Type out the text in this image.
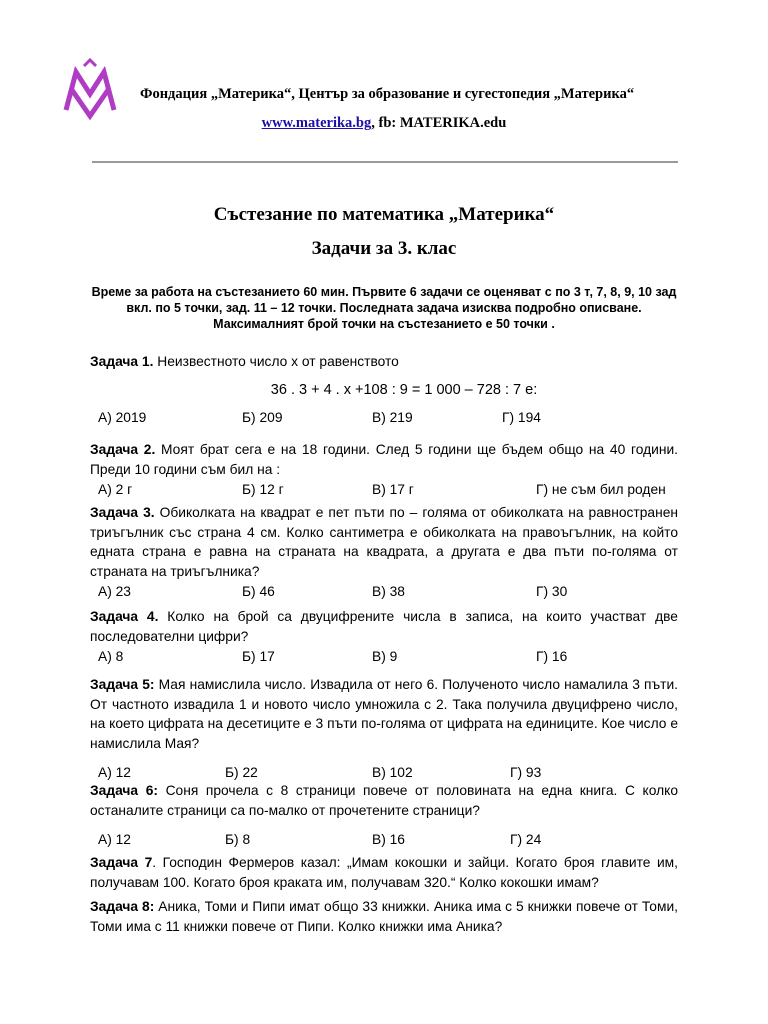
Фондация „Материка“, Център за образование и сугестопедия „Материка“
www.materika.bg, fb: MATERIKA.edu
Състезание по математика „Материка“
Задачи за 3. клас
Време за работа на състезанието 60 мин. Първите 6 задачи се оценяват с по 3 т, 7, 8, 9, 10 зад
вкл. по 5 точки, зад. 11 – 12 точки. Последната задача изисква подробно описване.
Максималният брой точки на състезанието е 50 точки .
Задача 1. Неизвестното число x от равенството
36 . 3 + 4 . x +108 : 9 = 1 000 – 728 : 7 е:
А) 2019	Б) 209	В) 219	Г) 194
Задача 2. Моят брат сега е на 18 години. След 5 години ще бъдем общо на 40 години. Преди 10 години съм бил на :
А) 2 г	Б) 12 г	В) 17 г	Г) не съм бил роден
Задача 3. Обиколката на квадрат е пет пъти по – голяма от обиколката на равностранен триъгълник със страна 4 см. Колко сантиметра е обиколката на правоъгълник, на който едната страна е равна на страната на квадрата, а другата е два пъти по-голяма от страната на триъгълника?
А) 23	Б) 46	В) 38	Г) 30
Задача 4. Колко на брой са двуцифрените числа в записа, на които участват две последователни цифри?
А) 8	Б) 17	В) 9	Г) 16
Задача 5: Мая намислила число. Извадила от него 6. Полученото число намалила 3 пъти. От частното извадила 1 и новото число умножила с 2. Така получила двуцифрено число, на което цифрата на десетиците е 3 пъти по-голяма от цифрата на единиците. Кое число е намислила Мая?
А) 12	Б) 22	В) 102	Г) 93
Задача 6: Соня прочела с 8 страници повече от половината на една книга. С колко останалите страници са по-малко от прочетените страници?
А) 12	Б) 8	В) 16	Г) 24
Задача 7. Господин Фермеров казал: „Имам кокошки и зайци. Когато броя главите им, получавам 100. Когато броя краката им, получавам 320.“ Колко кокошки имам?
Задача 8: Аника, Томи и Пипи имат общо 33 книжки. Аника има с 5 книжки повече от Томи, Томи има с 11 книжки повече от Пипи. Колко книжки има Аника?
